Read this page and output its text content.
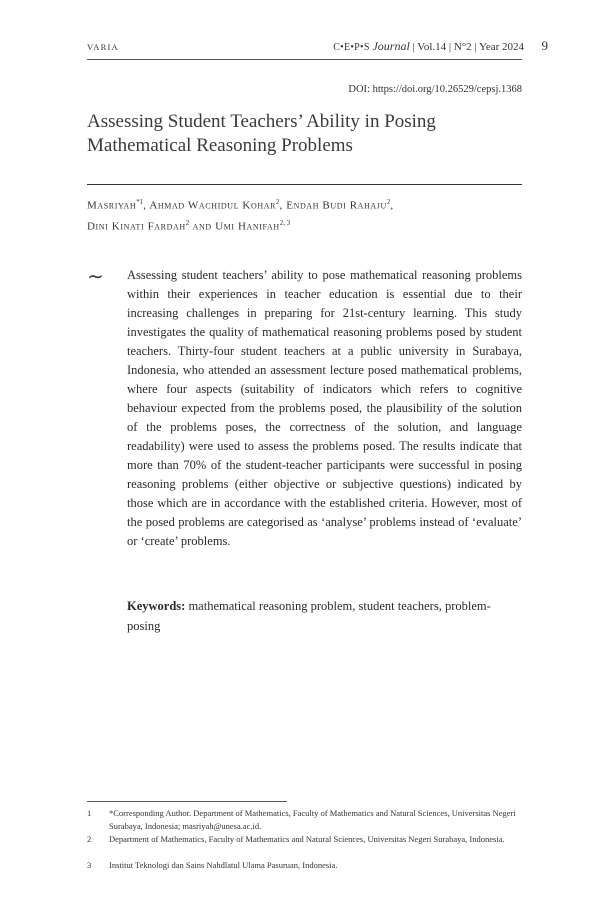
VARIA	C•E•P•S Journal | Vol.14 | N°2 | Year 2024 9
DOI: https://doi.org/10.26529/cepsj.1368
Assessing Student Teachers’ Ability in Posing Mathematical Reasoning Problems
Masriyah$^{*1}$, Ahmad Wachidul Kohar$^2$, Endah Budi Rahaju$^2$,
Dini Kinati Fardah$^2$ and Umi Hanifah$^{2, 3}$
∼ Assessing student teachers’ ability to pose mathematical reasoning problems within their experiences in teacher education is essential due to their increasing challenges in preparing for 21st-century learning. This study investigates the quality of mathematical reasoning problems posed by student teachers. Thirty-four student teachers at a public university in Surabaya, Indonesia, who attended an assessment lecture posed mathematical problems, where four aspects (suitability of indicators which refers to cognitive behaviour expected from the problems posed, the plausibility of the solution of the problems poses, the correctness of the solution, and language readability) were used to assess the problems posed. The results indicate that more than 70% of the student-teacher participants were successful in posing reasoning problems (either objective or subjective questions) indicated by those which are in accordance with the established criteria. However, most of the posed problems are categorised as ‘analyse’ problems instead of ‘evaluate’ or ‘create’ problems.

Keywords: mathematical reasoning problem, student teachers, problem-posing

1	*Corresponding Author. Department of Mathematics, Faculty of Mathematics and Natural Sciences, Universitas Negeri Surabaya, Indonesia; masriyah@unesa.ac.id.
2	Department of Mathematics, Faculty of Mathematics and Natural Sciences, Universitas Negeri Surabaya, Indonesia.
3	Institut Teknologi dan Sains Nahdlatul Ulama Pasuruan, Indonesia.
